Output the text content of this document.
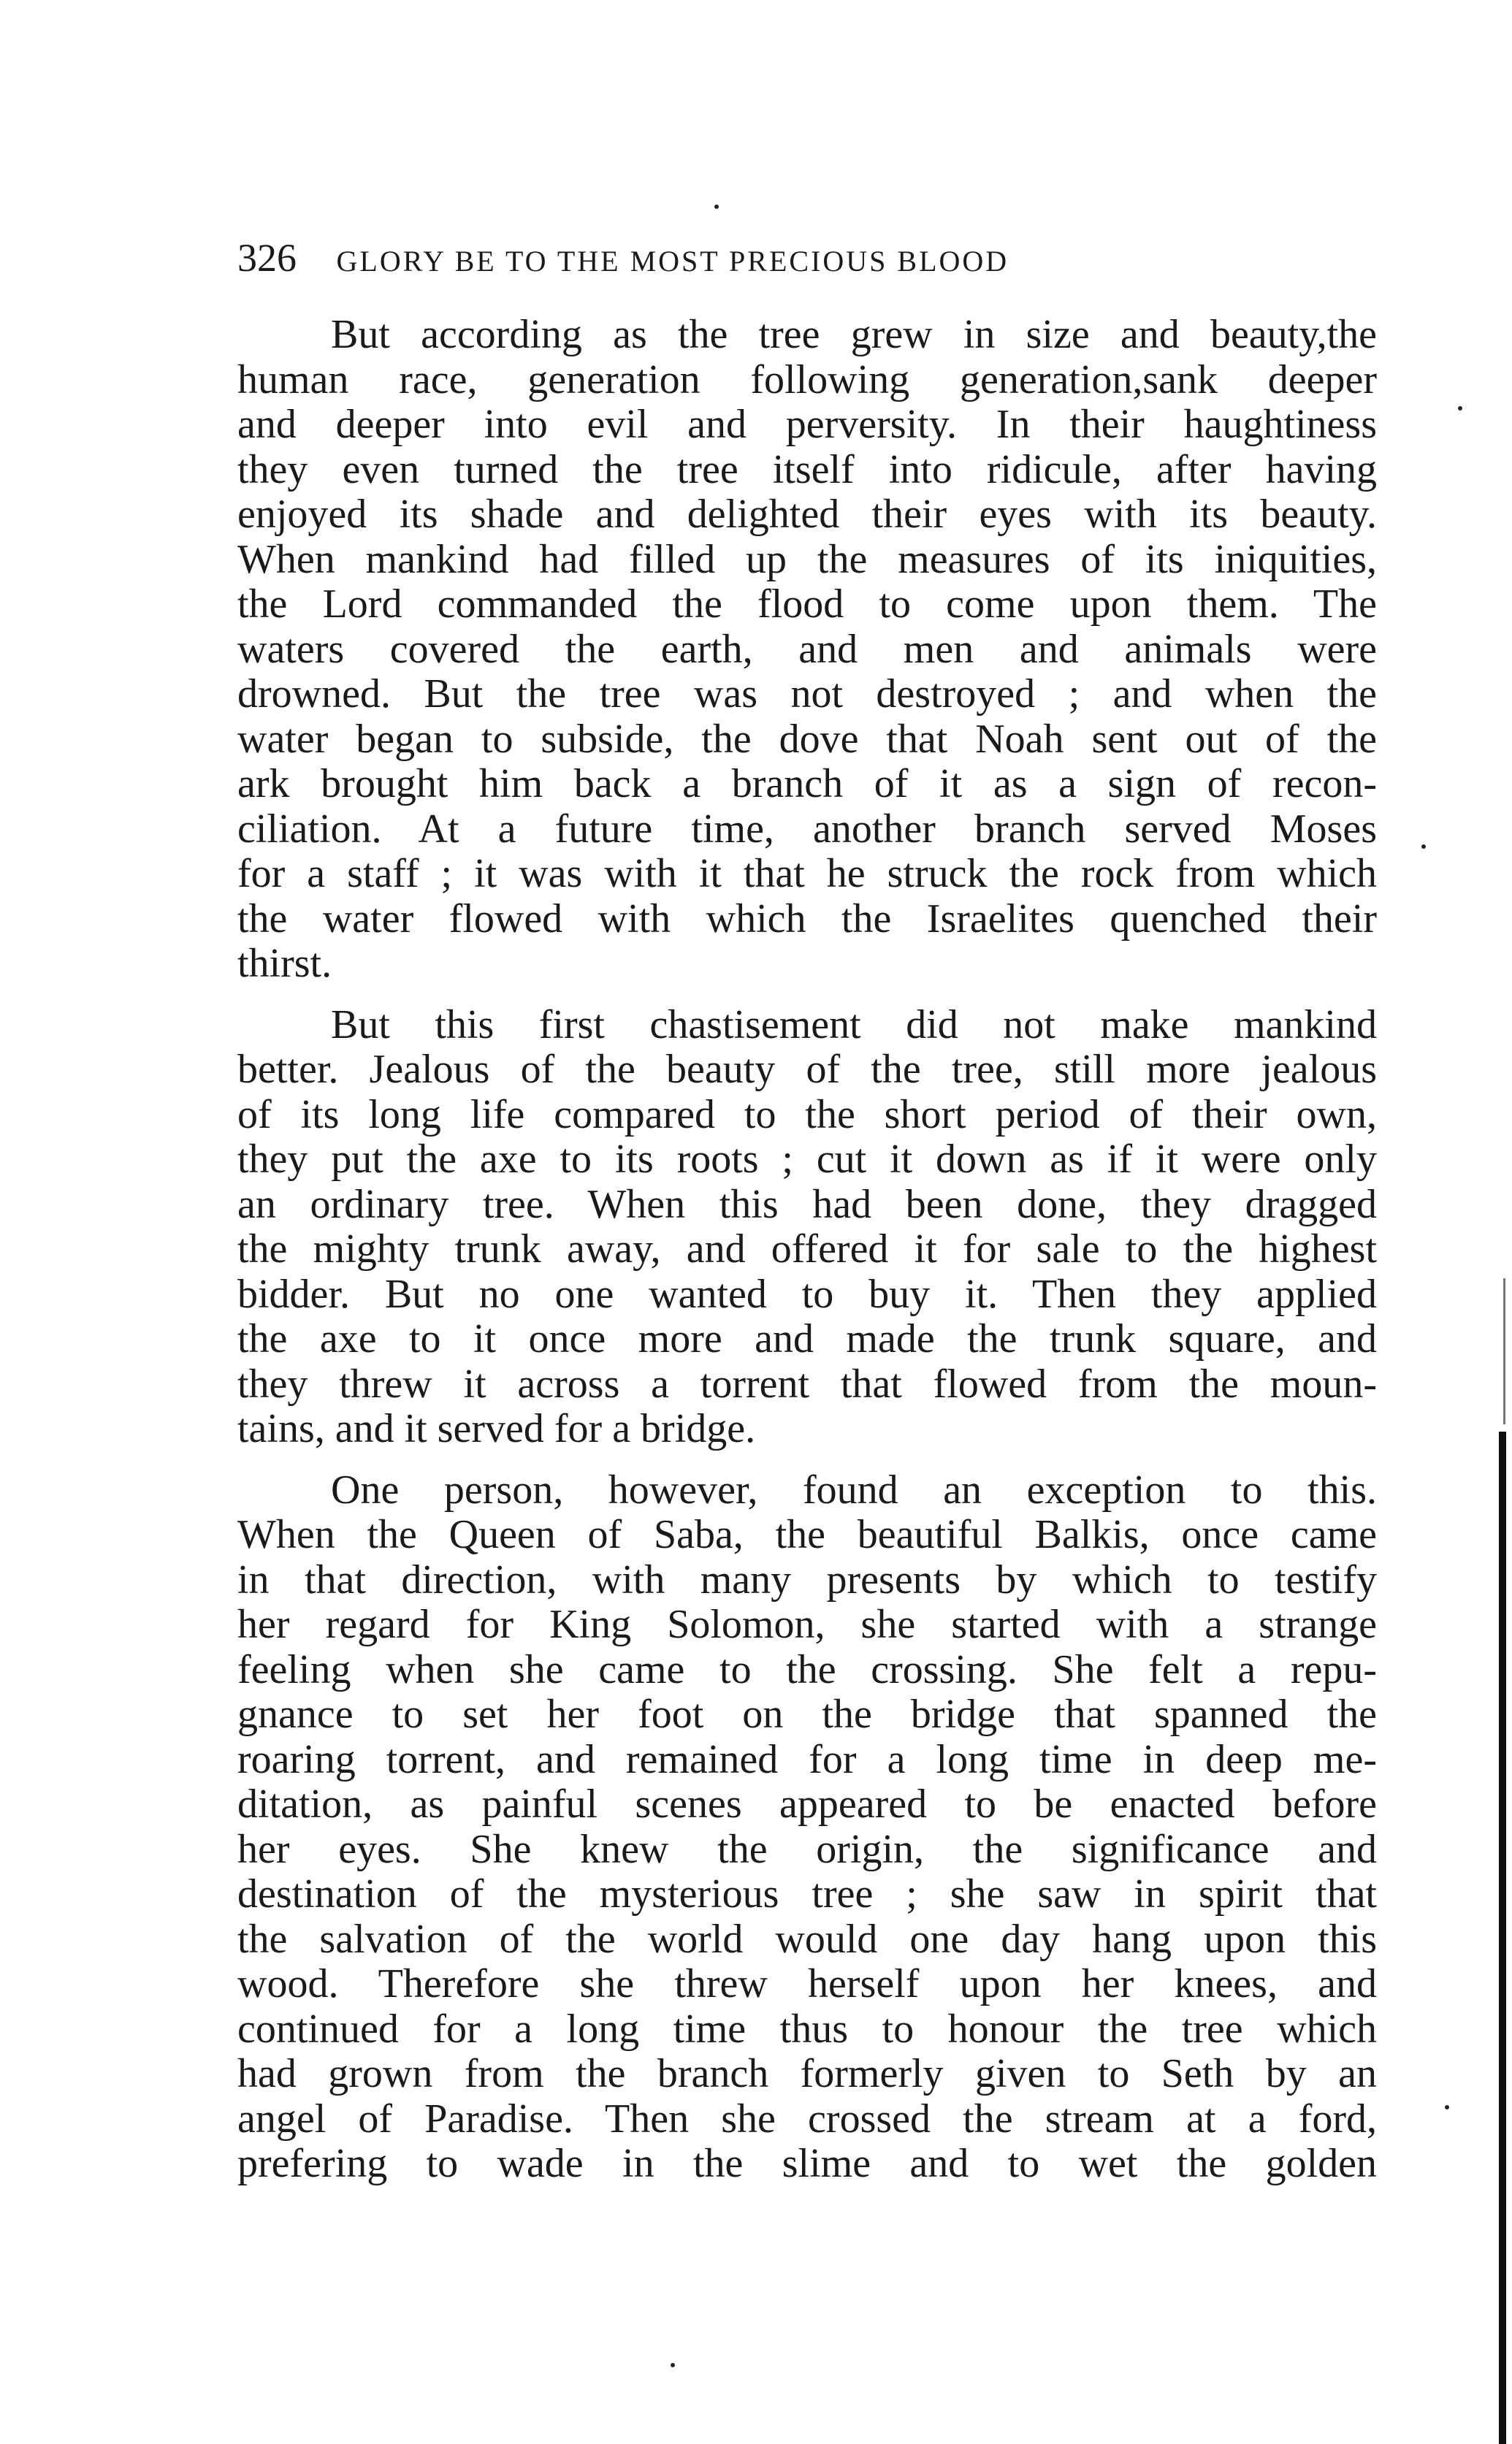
326 GLORY BE TO THE MOST PRECIOUS BLOOD

But according as the tree grew in size and beauty,the
human race, generation following generation,sank deeper
and deeper into evil and perversity. In their haughtiness
they even turned the tree itself into ridicule, after having
enjoyed its shade and delighted their eyes with its beauty.
When mankind had filled up the measures of its iniquities,
the Lord commanded the flood to come upon them. The
waters covered the earth, and men and animals were
drowned. But the tree was not destroyed ; and when the
water began to subside, the dove that Noah sent out of the
ark brought him back a branch of it as a sign of recon-
ciliation. At a future time, another branch served Moses
for a staff ; it was with it that he struck the rock from which
the water flowed with which the Israelites quenched their
thirst.

But this first chastisement did not make mankind
better. Jealous of the beauty of the tree, still more jealous
of its long life compared to the short period of their own,
they put the axe to its roots ; cut it down as if it were only
an ordinary tree. When this had been done, they dragged
the mighty trunk away, and offered it for sale to the highest
bidder. But no one wanted to buy it. Then they applied
the axe to it once more and made the trunk square, and
they threw it across a torrent that flowed from the moun-
tains, and it served for a bridge.

One person, however, found an exception to this.
When the Queen of Saba, the beautiful Balkis, once came
in that direction, with many presents by which to testify
her regard for King Solomon, she started with a strange
feeling when she came to the crossing. She felt a repu-
gnance to set her foot on the bridge that spanned the
roaring torrent, and remained for a long time in deep me-
ditation, as painful scenes appeared to be enacted before
her eyes. She knew the origin, the significance and
destination of the mysterious tree ; she saw in spirit that
the salvation of the world would one day hang upon this
wood. Therefore she threw herself upon her knees, and
continued for a long time thus to honour the tree which
had grown from the branch formerly given to Seth by an
angel of Paradise. Then she crossed the stream at a ford,
prefering to wade in the slime and to wet the golden
